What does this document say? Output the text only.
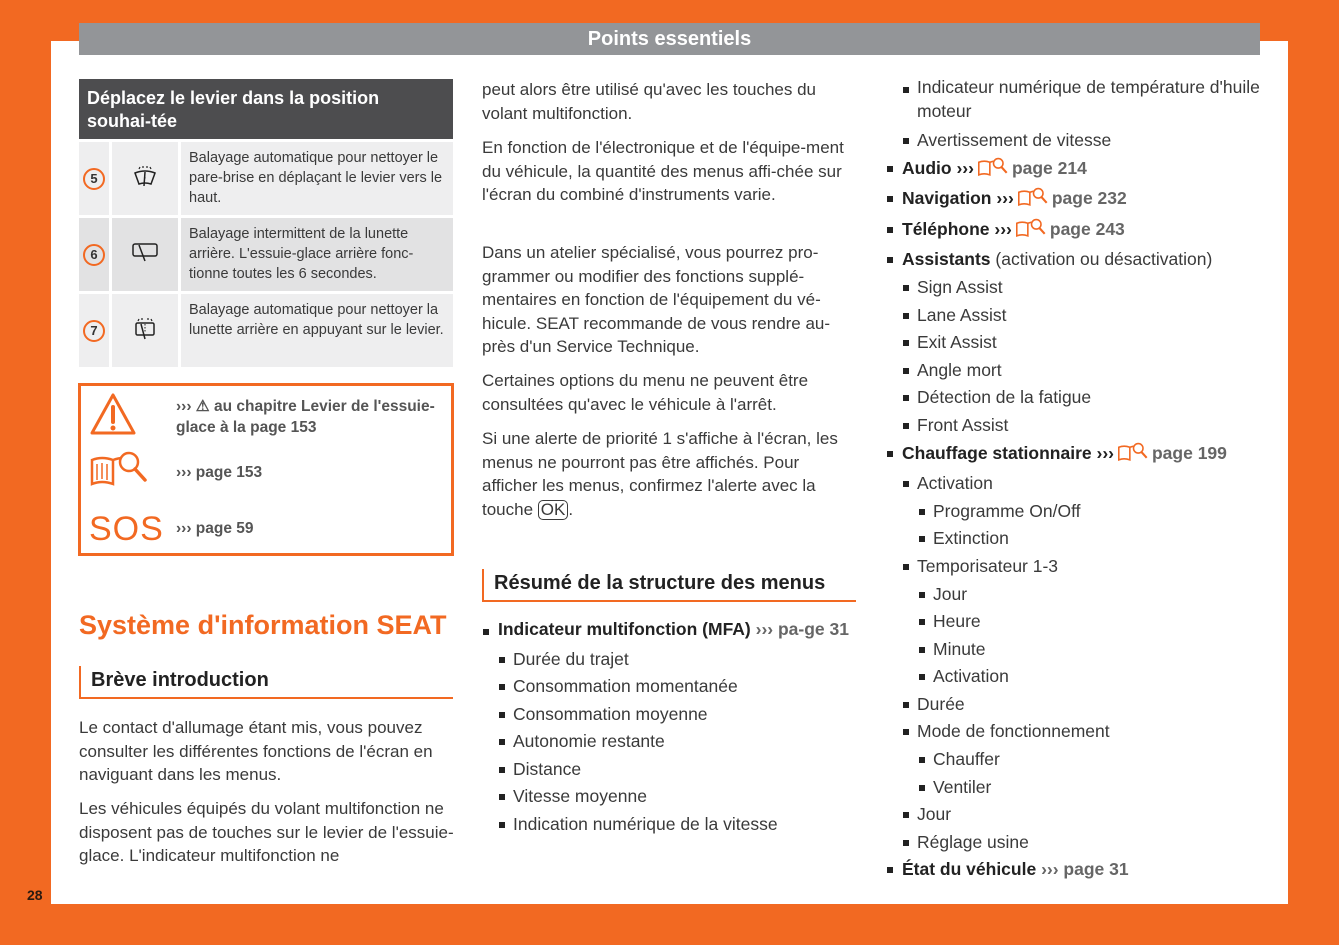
Points essentiels
Déplacez le levier dans la position souhai-tée
5
Balayage automatique pour nettoyer le pare-brise en déplaçant le levier vers le haut.
6
Balayage intermittent de la lunette arrière. L'essuie-glace arrière fonc-tionne toutes les 6 secondes.
7
Balayage automatique pour nettoyer la lunette arrière en appuyant sur le levier.
››› ⚠ au chapitre Levier de l'essuie-glace à la page 153
››› page 153
SOS ››› page 59
Système d'information SEAT
Brève introduction
Le contact d'allumage étant mis, vous pouvez consulter les différentes fonctions de l'écran en naviguant dans les menus.
Les véhicules équipés du volant multifonction ne disposent pas de touches sur le levier de l'essuie-glace. L'indicateur multifonction ne
peut alors être utilisé qu'avec les touches du volant multifonction.
En fonction de l'électronique et de l'équipe-ment du véhicule, la quantité des menus affi-chée sur l'écran du combiné d'instruments varie.
Dans un atelier spécialisé, vous pourrez pro-grammer ou modifier des fonctions supplé-mentaires en fonction de l'équipement du vé-hicule. SEAT recommande de vous rendre au-près d'un Service Technique.
Certaines options du menu ne peuvent être consultées qu'avec le véhicule à l'arrêt.
Si une alerte de priorité 1 s'affiche à l'écran, les menus ne pourront pas être affichés. Pour afficher les menus, confirmez l'alerte avec la touche OK .
Résumé de la structure des menus
Indicateur multifonction (MFA) ››› pa-ge 31
Durée du trajet
Consommation momentanée
Consommation moyenne
Autonomie restante
Distance
Vitesse moyenne
Indication numérique de la vitesse
Indicateur numérique de température d'huile moteur
Avertissement de vitesse
Audio ››› page 214
Navigation ››› page 232
Téléphone ››› page 243
Assistants (activation ou désactivation)
Sign Assist
Lane Assist
Exit Assist
Angle mort
Détection de la fatigue
Front Assist
Chauffage stationnaire ››› page 199
Activation
Programme On/Off
Extinction
Temporisateur 1-3
Jour
Heure
Minute
Activation
Durée
Mode de fonctionnement
Chauffer
Ventiler
Jour
Réglage usine
État du véhicule ››› page 31
28
